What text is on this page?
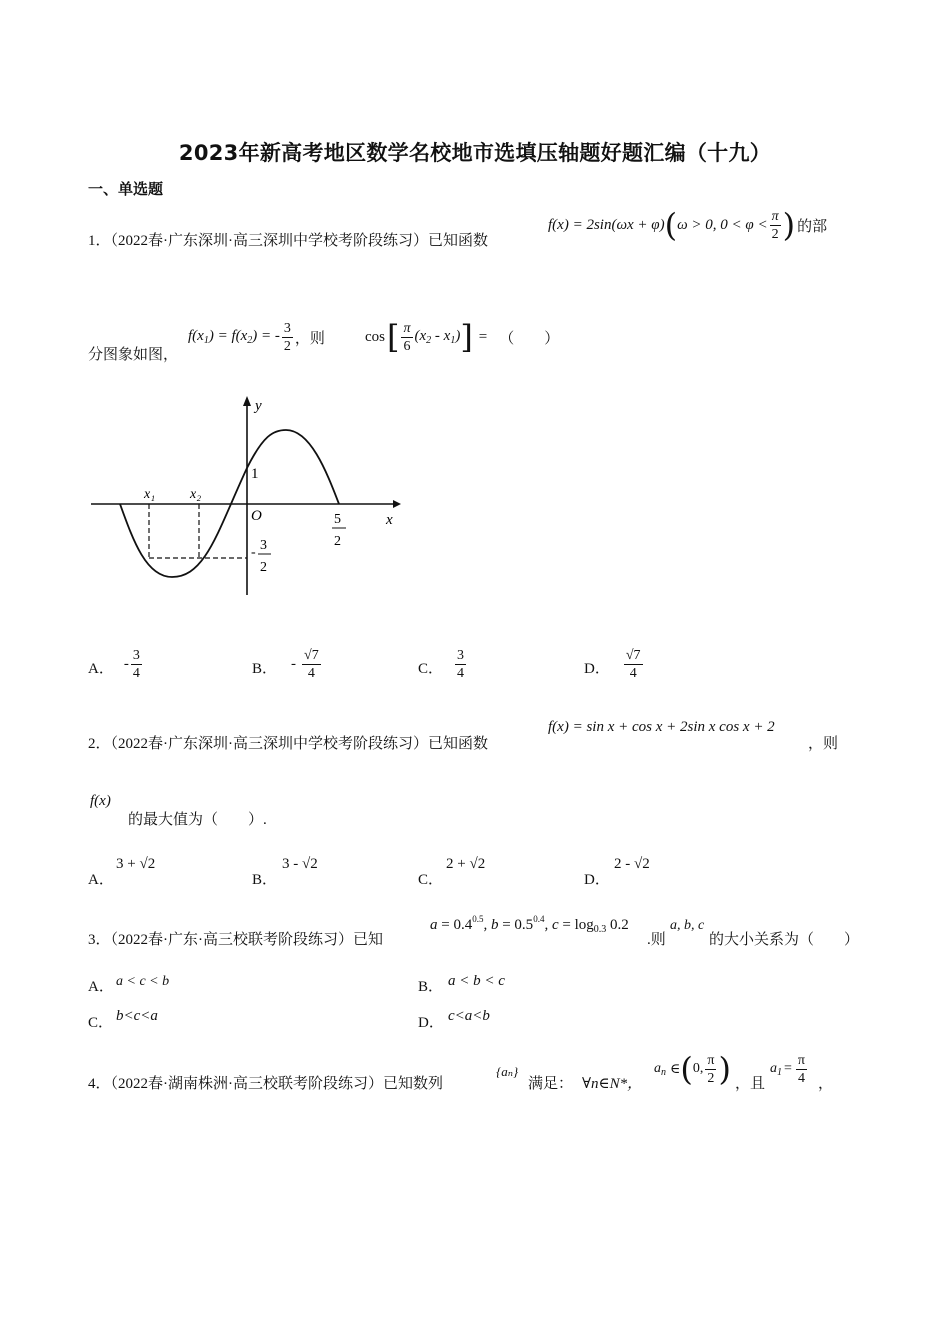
2023年新高考地区数学名校地市选填压轴题好题汇编（十九）
一、单选题
1．（2022春·广东深圳·高三深圳中学校考阶段练习）已知函数
f(x) = 2sin(ωx + φ) ( ω > 0, $0 < \varphi < \frac{\pi}{2}$ ) 的部
分图象如图，
$f(x_1) = f(x_2)$ = - $\frac{3}{2}$ ，则	cos [ $\frac{\pi}{6} (x_2 - x_1)$ ] = （　　）
y
x
O
1
x₁ x₂
5
2
- 3
2
A． - $\frac{3}{4}$	B． - $\frac{√7}{4}$	C． $\frac{3}{4}$	D． $\frac{√7}{4}$
2．（2022春·广东深圳·高三深圳中学校考阶段练习）已知函数
f(x) = sin x + cos x + 2sin x cos x + 2
，则
f(x)
的最大值为（　　）.
A．
3 + √2
B．
3 - √2
C．
2 + √2
D．
2 - √2
3．（2022春·广东·高三校联考阶段练习）已知
$a = 0.4^{0.5}$, $b = 0.5^{0.4}$, $c = \log_{0.3} 0.2$
.则
a, b, c
的大小关系为（　　）
A． a < c < b	B． a < b < c
C． b<c<a	D． c<a<b
4．（2022春·湖南株洲·高三校联考阶段练习）已知数列
{aₙ}
满足： ∀n∈N*，
$a_n$ ∈ ( 0, $\frac{\pi}{2}$ ) ，且
$a_1 = \frac{\pi}{4}$ ，
